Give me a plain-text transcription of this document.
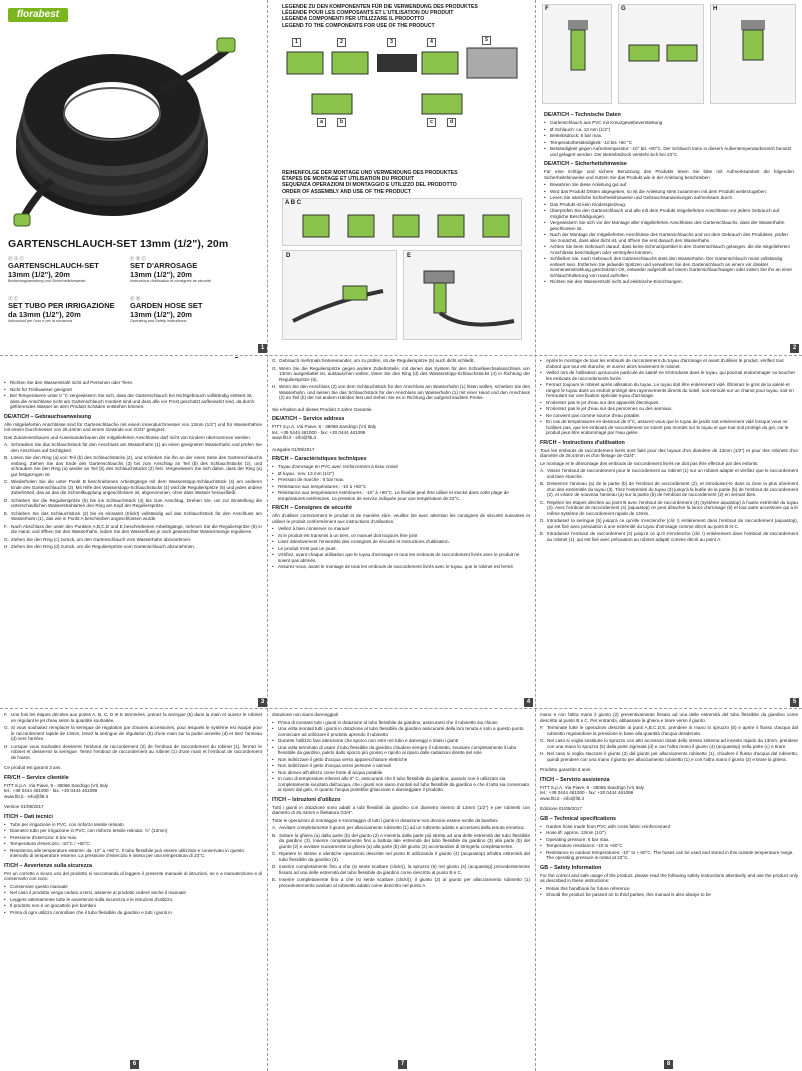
florabest
GARTENSCHLAUCH-SET 13mm (1/2"), 20m
Ⓓ Ⓐ Ⓒ
GARTENSCHLAUCH-SET
13mm (1/2"), 20m
Bedienungsanleitung und Sicherheitshinweise
Ⓕ Ⓑ Ⓒ
SET D'ARROSAGE
13mm (1/2"), 20m
Instructions d'utilisation et consignes de sécurité
Ⓘ Ⓒ
SET TUBO PER IRRIGAZIONE
da 13mm (1/2"), 20m
Indicazioni per l'uso e per la sicurezza
Ⓖ Ⓑ
GARDEN HOSE SET
13mm (1/2"), 20m
Operating and Safety Instructions
LEGENDE ZU DEN KOMPONENTEN FÜR DIE VERWENDUNG DES PRODUKTES
LÉGENDE POUR LES COMPOSANTS ET L'UTILISATION DU PRODUIT
LEGENDA COMPONENTI PER UTILIZZARE IL PRODOTTO
LEGEND TO THE COMPONENTS FOR USE OF THE PRODUCT
1	2	3	4	5
a	b	c	d
REIHENFOLGE DER MONTAGE UND VERWENDUNG DES PRODUKTES
ÉTAPES DE MONTAGE ET UTILISATION DU PRODUIT
SEQUENZA OPERAZIONI DI MONTAGGIO E UTILIZZO DEL PRODOTTO
ORDER OF ASSEMBLY AND USE OF THE PRODUCT
A B C
D	E
F	G	H
DE/AT/CH – Technische Daten
• Gartenschlauch aus PVC mit Kreuzgewebeverstärkung
• Ø Schlauch: ca. 13 mm (1/2")
• Betriebsdruck: 6 bar max.
• Temperaturbeständigkeit: -10 bis +60 °C
• Beständigkeit gegen Außentemperatur: -10° bis +60°C. Der Schlauch kann in diesem Außentemperaturbereich benutzt und gelagert werden. Der Betriebsdruck versteht sich bei 23°C.
DE/AT/CH – Sicherheitshinweise
Für eine richtige und sichere Benutzung des Produkts lesen Sie bitte mit Aufmerksamkeit die folgenden Sicherheitshinweise und nutzen Sie das Produkt wie in der Anleitung beschrieben.
• Bewahren Sie diese Anleitung gut auf
• Wird das Produkt Dritten abgegeben, so ist die Anleitung stets zusammen mit dem Produkt weiterzugeben.
• Lesen Sie sämtliche Sicherheitshinweise und Gebrauchsanweisungen aufmerksam durch.
• Das Produkt ist kein Kinderspielzeug.
• Überprüfen Sie den Gartenschlauch und alle mit dem Produkt mitgelieferten Anschlüsse vor jedem Gebrauch auf mögliche Beschädigungen.
• Vergewissern Sie sich vor der Montage aller mitgelieferten Anschlüsse des Gartenschlauchs, dass der Wasserhahn geschlossen ist.
• Nach der Montage der mitgelieferten Anschlüsse des Gartenschlauchs und vor dem Gebrauch des Produktes, prüfen Sie zunächst, dass alles dicht ist, und öffnen Sie erst danach den Wasserhahn.
• Achten Sie beim Gebrauch darauf, dass keine Schmutzpartikel in den Gartenschlauch gelangen, die die mitgelieferten Anschlüsse beschädigen oder verstopfen könnten.
• Schließen Sie, nach Gebrauch des Gartenschlauchs stets den Wasserhahn. Der Gartenschlauch muss vollständig entleert sein. Entfernen Sie jedwede Spritzen und verwahren Sie den Gartenschlauch an einem vor direkter Sonneneinstrahlung geschützten Ort, entweder aufgerollt auf einem Gartenschlauchwagen oder indem Sie ihn an einer Schlauchhalterung von Hand aufrollen.
• Richten Sie den Wasserstrahl nicht auf elektrische Einrichtungen.
1	2
• Richten Sie den Wasserstrahl nicht auf Personen oder Tiere.
• Nicht für Trinkwasser geeignet
• Bei Temperaturen unter 0 °C vergewissern Sie sich, dass der Gartenschlauch bei Nichtgebrauch vollständig entleert ist, dass die Anschlüsse nicht am Gartenschlauch montiert sind und dass alle vor Frost geschützt aufbewahrt sind, da durch gefrierendes Wasser an dem Produkt Schäden entstehen können.
DE/AT/CH – Gebrauchsanweisung
Alle mitgelieferten Anschlüsse sind für Gartenschläuche mit einem Innendurchmesser von 13mm (1/2") und für Wasserhähne mit einem Durchmesser von 26,44mm und einem Gewinde von G3/4" geeignet.
Das Zusammenbauen und Auseinanderbauen der mitgelieferten Anschlüsse darf nicht von Kindern übernommen werden.
A. Schrauben Sie das Schlauchstück für den Anschluss am Wasserhahn (1) an einen geeigneten Wasserhahn und prüfen Sie den Anschluss auf Dichtigkeit.
B. Lösen Sie den Ring (a) von Teil (b) des Schlauchstücks (2), und schieben Sie ihn an der einen Seite des Gartenschlauchs entlang. Ziehen Sie das Ende des Gartenschlauchs (3) bis zum Anschlag an Teil (b) des Schlauchstücks (2), und schrauben Sie den Ring (a) wieder an Teil (b) des Schlauchstücks (2) fest. Vergewissern Sie sich dabei, dass der Ring (a) gut festgezogen ist.
C. Wiederholen Sie die unter Punkt B beschriebenen Arbeitsgänge mit dem Wasserstopp-Schlauchstück (4) am anderen Ende des Gartenschlauchs (3). Mit Hilfe des Wasserstopp-Schlauchstücks (4) wird die Regulierspritze (5) und jedes andere Zubehörteil, das an das die Schnellkupplung angeschlossen ist, abgenommen, ohne dass Wasser herausfließt.
D. Schieben Sie die Regulierspritze (5) bis ins Schlauchstück (4) bis zum Anschlag. Drehen Sie, um zur Einstellung die unterschiedlichen Wasserstrahlarten den Ring am Kopf der Regulierspritze.
E. Schieben Sie das Schlauchstück (2) bis es einrastet (Klick!) vollständig auf das Schlauchstück für den Anschluss am Wasserhahn (1), das wie in Punkt A beschrieben angeschlossen wurde.
F. Nach Abschluss der unter den Punkten A,B,C,D und E beschriebenen Arbeitsgänge, nehmen Sie die Regulierspritze (5) in die Hand, und öffnen Sie den Wasserhahn, indem Sie den Wasserfluss je nach gewünschter Wassermenge regulieren.
G. Ziehen Sie den Ring (c) zurück, um den Gartenschlauch vom Wasserhahn abzunehmen.
H. Ziehen Sie den Ring (d) zurück, um die Regulierspritze vom Gartenschlauch abzunehmen.
3
G. Gebrauch mehrmals hintereinander, um zu prüfen, ob die Regulierspritze (5) auch dicht schließt.
G. Wenn Sie die Regulierspritze gegen andere Zubehörteile, mit denen das System für den Schnellwechselanschluss von 13mm ausgestattet ist, austauschen wollen, lösen Sie den Ring (d) des Wasserstopp-Schlauchstücks (4) in Richtung der Regulierspritze (5).
H. Wenn Sie den Anschluss (2) von dem Schlauchstück für den Anschluss am Wasserhahn (1) lösen wollen, schieben Sie den Wasserhahn, und lassen Sie das Schlauchstück für den Anschluss am Wasserhahn (1) mit einer Hand und den Anschluss (2) an Teil (b) der mit andern Händen fest und ziehen Sie es in Richtung der aufgeschraubten Preise.
Sie erhalten auf dieses Produkt 3 Jahre Garantie.
DE/AT/CH – Service address
FITT S.p.A. Via Piave, 8 - 36066 Sandrigo (VI) Italy
tel.: +39 0444 461000 - fax: +30 0444 461099
www.fitt.it - info@fitt.it
Ausgabe 01/09/2017
FR/CH – Caractéristiques techniques
• Tuyau d'arrosage en PVC avec renforcement à tissu croisé
• Ø tuyau : env. 13 mm (1/2")
• Pression de marche : 6 bar max.
• Résistance aux températures : -10 à +60°C
• Résistance aux températures extérieures : -10° à +60°C. Le flexible peut être utilisé et stocké dans cette plage de températures extérieures. La pression de service indiquée pour une température de 23°C.
FR/CH – Consignes de sécurité
Afin d'utiliser correctement le produit et de manière sûre, veuillez lire avec attention les consignes de sécurité suivantes et utiliser le produit conformément aux instructions d'utilisation.
• Veillez à bien conserver ce manuel
• Si le produit est transmis à un tiers, ce manuel doit toujours être joint
• Lisez attentivement l'ensemble des consignes de sécurité et instructions d'utilisation.
• Le produit n'est pas un jouet.
• Vérifiez, avant chaque utilisation que le tuyau d'arrosage et tous les embouts de raccordement livrés avec le produit ne soient pas abîmés.
• Assurez-vous, avant le montage de tous les embouts de raccordement livrés avec le tuyau, que le robinet est fermé.
4
• Après le montage de tous les embouts de raccordement du tuyau d'arrosage et avant d'utiliser le produit, vérifiez tout d'abord que tout est étanche, et ouvrez alors seulement le robinet.
• Veillez lors de l'utilisation qu'aucune particule de saleté ne s'introduise dans le tuyau, qui pourrait endommager ou boucher les embouts de raccordements livrés.
• Fermez toujours le robinet après utilisation du tuyau. Le tuyau doit être entièrement vidé. Éliminez le gros de la saleté et rangez le tuyau dans un endroit protégé des rayonnements directs du soleil, soit enroulé sur un chariot pour tuyau, soit en l'enroulant sur une fixation spéciale tuyau d'arrosage.
• N'orientez pas le jet d'eau sur des appareils électriques.
• N'orientez pas le jet d'eau sur des personnes ou des animaux.
• Ne convient pas comme source d'eau potable.
• En cas de températures en-dessous de 0°C, assurez-vous que le tuyau de jardin soit entièrement vidé lorsque vous ne l'utilisez pas, que les embouts de raccordement ne soient pas montés sur le tuyau et que tout soit protégé du gel, car le produit peut être endommagé par l'eau gelée.
FR/CH – Instructions d'utilisation
Tous les embouts de raccordement livrés sont faits pour des tuyaux d'un diamètre de 13mm (1/2") et pour des robinets d'un diamètre de 26,44mm et d'un filetage de G3/4".
Le montage et le démontage des embouts de raccordement livrés ne doit pas être effectué par des enfants.
A. Vissez l'embout de raccordement pour le raccordement au robinet (1) sur un robinet adapté et vérifiez que le raccordement soit bien étanche.
B. Desserrez l'anneau (a) de la partie (b) de l'embout de raccordement (2), et introduisez-le dans la zone la plus sûrement d'un des extrémités du tuyau (3). Tirez l'extrémité du tuyau (3) jusqu'à la butée de la partie (b) de l'embout de raccordement (2), et vissez de nouveau l'anneau (a) sur la partie (b) de l'embout de raccordement (2) en serrant bien.
C. Répétez les étapes décrites au point B avec l'embout de raccordement (4) (système aquastop) à l'autre extrémité du tuyau (3). Avec l'embout de raccordement (4) (aquastop) on peut détacher la lance d'arrosage (5) et tout autre accessoire qui a le même système de raccordement rapide de 13mm.
D. Introduisez la seringue (5) jusqu'à ce qu'elle s'enclenche (clic !) entièrement dans l'embout de raccordement (aquastop), qui est fixé avec précaution à une extrémité du tuyau d'arrosage comme décrit au point B et C.
E. Introduisez l'embout de raccordement (2) jusqu'à ce qu'il s'enclenche (clic !) entièrement dans l'embout de raccordement au robinet (1), qui est fixé avec précaution au robinet adapté comme décrit au point A.
5
F. Une fois les étapes décrites aux points A, B, C, D et E terminées, prenez la seringue (5) dans la main et ouvrez le robinet en régulant le jet d'eau selon la quantité souhaitée.
G. Si vous souhaitez remplacer la seringue de régulation par d'autres accessoires, pour lesquels le système est équipé pour le raccordement rapide de 13mm, tenez la seringue de régulation (5) d'une main sur la partie annelée (d) et tirez l'anneau (d) vers l'arrière.
H. Lorsque vous souhaitez desserrer l'embout de raccordement (2) de l'embout de raccordement du robinet (1), fermez le robinet et desserrez la seringue. Tenez l'embout de raccordement au robinet (1) d'une main et l'embout de raccordement de l'autre.
Ce produit est garanti 3 ans.
FR/CH – Service clientèle
FITT S.p.A. Via Piave, 8 - 36066 Sandrigo (VI) Italy
tel.: +39 0444 461000 - fax: +30 0444 461099
www.fitt.it - info@fitt.it
Version 01/09/2017
IT/CH – Dati tecnici
• Tubo per irrigazione in PVC, con rinforzo tessile retinato
• Diametro tubo per irrigazione in PVC, con rinforzo tessile retinato: ½" (13mm)
• Pressione d'esercizio: 6 bar max.
• Temperatura d'esercizio: -10°C / +60°C
• Resistenza alle temperature esterne: da -10° a +60°C. Il tubo flessibile può essere utilizzato e conservato in questo intervallo di temperature esterne. La pressione d'esercizio è intesa per una temperatura di 23°C.
IT/CH – Avvertenze sulla sicurezza
Per un corretto e sicuro uso del prodotto si raccomanda di leggere il presente manuale di istruzioni, se e a manutenzione e di conservarlo con cura:
• Conservare questo manuale
• Nel caso il prodotto venga ceduto a terzi, assieme al prodotto cedere anche il manuale
• Leggere attentamente tutte le avvertenze sulla sicurezza e le istruzioni d'utilizzo.
• Il prodotto non è un giocattolo per bambini
• Prima di ogni utilizzo controllare che il tubo flessibile da giardino e tutti i giunti in
6
dotazione non siano danneggiati
• Prima di montare tutti i giunti in dotazione al tubo flessibile da giardino, assicurarsi che il rubinetto sia chiuso
• Una volta montati tutti i giunti in dotazione al tubo flessibile da giardino assicurarsi della loro tenuta e solo a questo punto cominciare ad utilizzare il prodotto aprendo il rubinetto
• Durante l'utilizzo fare attenzione che sporco non entri nel tubo e danneggi o intasi i giunti
• Una volta terminato di usare il tubo flessibile da giardino chiudere sempre il rubinetto, svuotare completamente il tubo flessibile da giardino, pulirlo dallo sporco più grosso e riporlo al riparo dalle radiazioni dirette del sole
• Non indirizzare il getto d'acqua verso apparecchiature elettriche
• Non indirizzare il getto d'acqua verso persone o animali
• Non idoneo all'utilizzo come fonte di acqua potabile
• In caso di temperature inferiori allo 0° C, assicurarsi che il tubo flessibile da giardino, quando non è utilizzato sia completamente svuotato dall'acqua, che i giunti non siano montati sul tubo flessibile da giardino e che il tutto sia conservato al riparo dal gelo, in quanto l'acqua potrebbe ghiacciare e danneggiare il prodotto.
IT/CH – Istruzioni d'utilizzo
Tutti i giunti in dotazione sono adatti a tubi flessibili da giardino con diametro interno di 13mm (1/2") e per rubinetti con diametro di 26,44mm e filettatura G3/4".
Tutte le operazioni di montaggio e smontaggio di tutti i giunti in dotazione non devono essere svolte da bambini
A. Avvitare completamente il giunto per allacciamento rubinetto (1) ad un rubinetto adatto e accertarsi della tenuta ermetica.
B. Svitare la ghiera (a) dalla parte (b) del giunto (2) e inserirla dalla parte più stretta ad una delle estremità del tubo flessibile da giardino (3). Inserire completamente fino a battuta tale estremità del tubo flessibile da giardino (3) alla parte (b) del giunto (2) e avvitare nuovamente la ghiera (a) alla parte (b) del giunto (2) accertandosi di stringerla completamente.
C. Ripetere le stesse e identiche operazioni descritte nel punto B utilizzando il giunto (4) (acquastop) all'altra estremità del tubo flessibile da giardino (3).
D. Inserire completamente fino a che (si sente scattare (click!)), la spruzzo (5) nel giunto (4) (acquastop) precedentemente fissato ad una delle estremità del tubo flessibile da giardino come descritto al punto B e C.
E. Inserire completamente fino a che (si sente scattare (click!)), il giunto (2) al giunto per allacciamento rubinetto (1) precedentemente avvitato al rubinetto adatto come descritto nel punto A.
7
mano e con l'altra mano il giunto (2) preventivamente fissato ad una delle estremità del tubo flessibile da giardino come descritto al punto B e C. Per entrambi, abbassare la ghiera e tirare verso il giunto.
F. Terminate tutte le operazioni descritte ai punti A,B,C,D,E, prendere in mano lo spruzzo (5) e aprire il flusso d'acqua dal rubinetto regolandone la pressione in base alla quantità d'acqua desiderata.
G. Nel caso si voglia sostituire lo spruzzo con altri accessori dotati dello stesso sistema ad innesto rapido da 13mm, prendere con una mano lo spruzzo (5) dalla parte zigrinata (d) e con l'altra mano il giunto (4) (acquastop) nella parte (c) e tirare.
H. Nel caso si voglia staccare il giunto (2) dal giunto per allacciamento rubinetto (1), chiudere il flusso d'acqua dal rubinetto, quindi prendere con una mano il giunto per allacciamento rubinetto (1) e con l'altra mano il giunto (2) e tirare la ghiera.
Prodotto garantito 3 anni.
IT/CH – Servizio assistenza
FITT S.p.A. Via Piave, 8 - 36066 Sandrigo (VI) Italy
tel.: +39 0444 461000 - fax: +30 0444 461099
www.fitt.it - info@fitt.it
Edizione 01/09/2017
GB – Technical specifications
• Garden hose made from PVC with cross fabric reinforcement
• Hose Ø: approx. 13mm (1/2")
• Operating pressure: 6 bar max.
• Temperature resistance: -10 to +60°C
• Resistance to outdoor temperatures: -10° to + 60°C. The hoses can be used and stored in this outside temperature range. The operating pressure is noted at 23°C.
GB – Safety Information
For the correct and safe usage of the product, please read the following safety instructions attentively and use the product only as described in these instructions:
• Retain this handbook for future reference
• Should the product be passed on to third parties, this manual is also always to be
8
